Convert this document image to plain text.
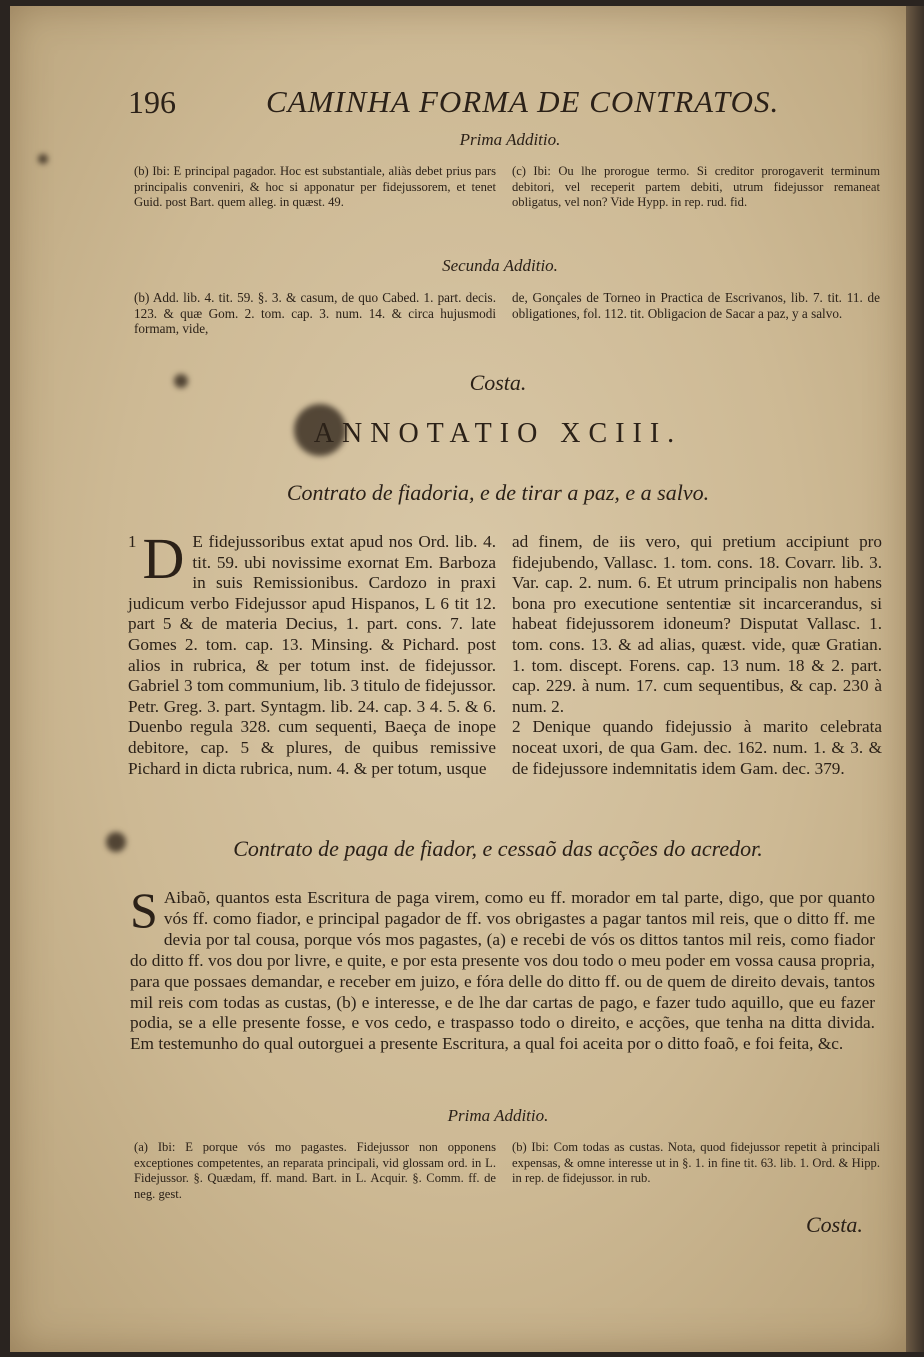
196	CAMINHA FORMA DE CONTRATOS.
Prima Additio.
(b) Ibi: E principal pagador. Hoc est substantiale, aliàs debet prius pars principalis conveniri, & hoc si apponatur per fidejussorem, et tenet Guid. post Bart. quem alleg. in quæst. 49.
(c) Ibi: Ou lhe prorogue termo. Si creditor prorogaverit terminum debitori, vel receperit partem debiti, utrum fidejussor remaneat obligatus, vel non? Vide Hypp. in rep. rud. fid.
Secunda Additio.
(b) Add. lib. 4. tit. 59. §. 3. & casum, de quo Cabed. 1. part. decis. 123. & quæ Gom. 2. tom. cap. 3. num. 14. & circa hujusmodi formam, vide,
de, Gonçales de Torneo in Practica de Escrivanos, lib. 7. tit. 11. de obligationes, fol. 112. tit. Obligacion de Sacar a paz, y a salvo.
Costa.
ANNOTATIO XCIII.
Contrato de fiadoria, e de tirar a paz, e a salvo.
1 D E fidejussoribus extat apud nos Ord. lib. 4. tit. 59. ubi novissime exornat Em. Barboza in suis Remissionibus. Cardozo in praxi judicum verbo Fidejussor apud Hispanos, L 6 tit 12. part 5 & de materia Decius, 1. part. cons. 7. late Gomes 2. tom. cap. 13. Minsing. & Pichard. post alios in rubrica, & per totum inst. de fidejussor. Gabriel 3 tom communium, lib. 3 titulo de fidejussor. Petr. Greg. 3. part. Syntagm. lib. 24. cap. 3 4. 5. & 6. Duenbo regula 328. cum sequenti, Baeça de inope debitore, cap. 5 & plures, de quibus remissive Pichard in dicta rubrica, num. 4. & per totum, usque

ad finem, de iis vero, qui pretium accipiunt pro fidejubendo, Vallasc. 1. tom. cons. 18. Covarr. lib. 3. Var. cap. 2. num. 6. Et utrum principalis non habens bona pro executione sententiæ sit incarcerandus, si habeat fidejussorem idoneum? Disputat Vallasc. 1. tom. cons. 13. & ad alias, quæst. vide, quæ Gratian. 1. tom. discept. Forens. cap. 13 num. 18 & 2. part. cap. 229. à num. 17. cum sequentibus, & cap. 230 à num. 2.

2 Denique quando fidejussio à marito celebrata noceat uxori, de qua Gam. dec. 162. num. 1. & 3. & de fidejussore indemnitatis idem Gam. dec. 379.

Contrato de paga de fiador, e cessaõ das acções do acredor.
S Aibaõ, quantos esta Escritura de paga virem, como eu ff. morador em tal parte, digo, que por quanto vós ff. como fiador, e principal pagador de ff. vos obrigastes a pagar tantos mil reis, que o ditto ff. me devia por tal cousa, porque vós mos pagastes, (a) e recebi de vós os dittos tantos mil reis, como fiador do ditto ff. vos dou por livre, e quite, e por esta presente vos dou todo o meu poder em vossa causa propria, para que possaes demandar, e receber em juizo, e fóra delle do ditto ff. ou de quem de direito devais, tantos mil reis com todas as custas, (b) e interesse, e de lhe dar cartas de pago, e fazer tudo aquillo, que eu fazer podia, se a elle presente fosse, e vos cedo, e traspasso todo o direito, e acções, que tenha na ditta divida. Em testemunho do qual outorguei a presente Escritura, a qual foi aceita por o ditto foaõ, e foi feita, &c.
Prima Additio.
(a) Ibi: E porque vós mo pagastes. Fidejussor non opponens exceptiones competentes, an reparata principali, vid glossam ord. in L. Fidejussor. §. Quædam, ff. mand. Bart. in L. Acquir. §. Comm. ff. de neg. gest.
(b) Ibi: Com todas as custas. Nota, quod fidejussor repetit à principali expensas, & omne interesse ut in §. 1. in fine tit. 63. lib. 1. Ord. & Hipp. in rep. de fidejussor. in rub.
Costa.
